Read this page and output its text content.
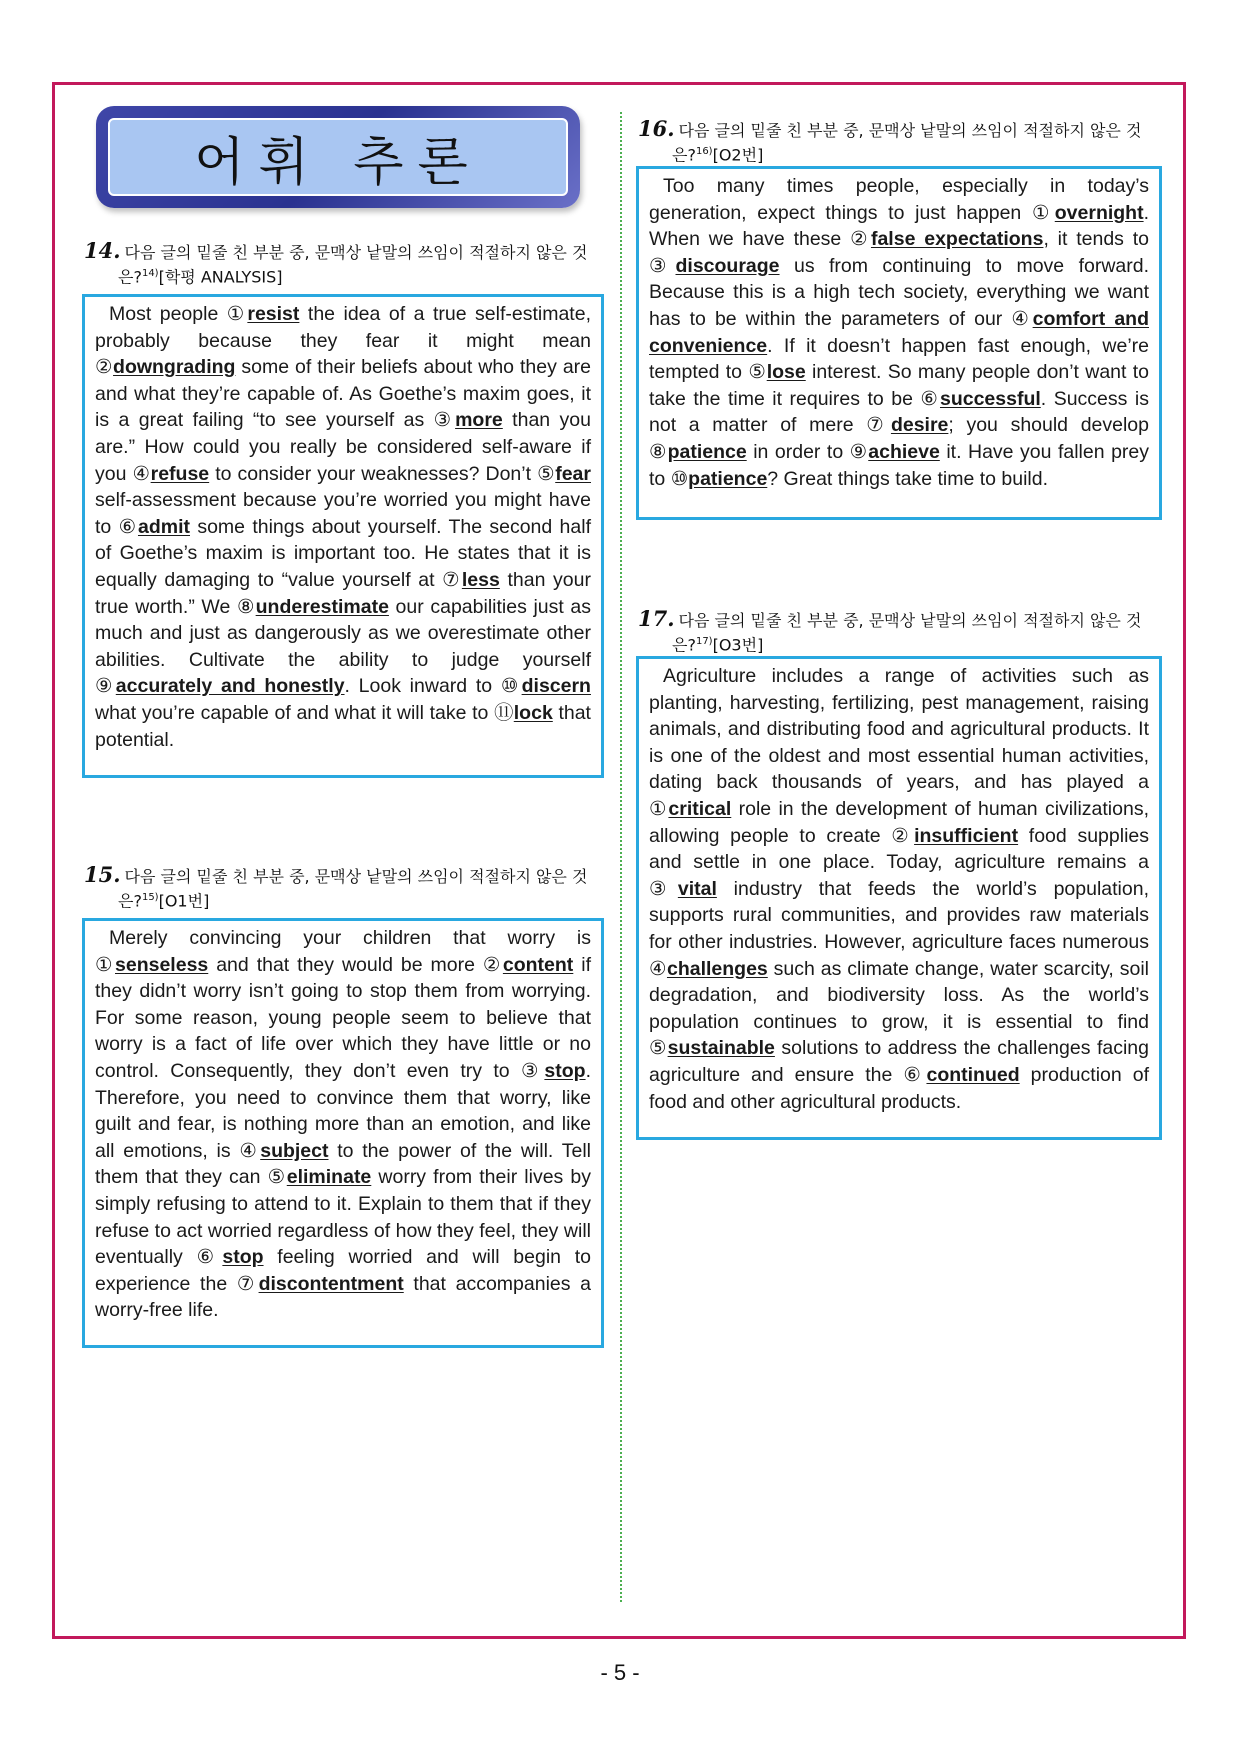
어휘 추론
14. 다음 글의 밑줄 친 부분 중, 문맥상 낱말의 쓰임이 적절하지 않은 것
은?$^{14)}$[학평 ANALYSIS]
Most people ①resist the idea of a true self-estimate, probably because they fear it might mean ②downgrading some of their beliefs about who they are and what they’re capable of. As Goethe’s maxim goes, it is a great failing “to see yourself as ③more than you are.” How could you really be considered self-aware if you ④refuse to consider your weaknesses? Don’t ⑤fear self-assessment because you’re worried you might have to ⑥admit some things about yourself. The second half of Goethe’s maxim is important too. He states that it is equally damaging to “value yourself at ⑦less than your true worth.” We ⑧underestimate our capabilities just as much and just as dangerously as we overestimate other abilities. Cultivate the ability to judge yourself ⑨accurately and honestly. Look inward to ⑩discern what you’re capable of and what it will take to ⑪lock that potential.
15. 다음 글의 밑줄 친 부분 중, 문맥상 낱말의 쓰임이 적절하지 않은 것
은?$^{15)}$[O1번]
Merely convincing your children that worry is ①senseless and that they would be more ②content if they didn’t worry isn’t going to stop them from worrying. For some reason, young people seem to believe that worry is a fact of life over which they have little or no control. Consequently, they don’t even try to ③stop. Therefore, you need to convince them that worry, like guilt and fear, is nothing more than an emotion, and like all emotions, is ④subject to the power of the will. Tell them that they can ⑤eliminate worry from their lives by simply refusing to attend to it. Explain to them that if they refuse to act worried regardless of how they feel, they will eventually ⑥stop feeling worried and will begin to experience the ⑦discontentment that accompanies a worry-free life.
16. 다음 글의 밑줄 친 부분 중, 문맥상 낱말의 쓰임이 적절하지 않은 것
은?$^{16)}$[O2번]
Too many times people, especially in today’s generation, expect things to just happen ①overnight. When we have these ②false expectations, it tends to ③discourage us from continuing to move forward. Because this is a high tech society, everything we want has to be within the parameters of our ④comfort and convenience. If it doesn’t happen fast enough, we’re tempted to ⑤lose interest. So many people don’t want to take the time it requires to be ⑥successful. Success is not a matter of mere ⑦desire; you should develop ⑧patience in order to ⑨achieve it. Have you fallen prey to ⑩patience? Great things take time to build.
17. 다음 글의 밑줄 친 부분 중, 문맥상 낱말의 쓰임이 적절하지 않은 것
은?$^{17)}$[O3번]
Agriculture includes a range of activities such as planting, harvesting, fertilizing, pest management, raising animals, and distributing food and agricultural products. It is one of the oldest and most essential human activities, dating back thousands of years, and has played a ①critical role in the development of human civilizations, allowing people to create ②insufficient food supplies and settle in one place. Today, agriculture remains a ③vital industry that feeds the world’s population, supports rural communities, and provides raw materials for other industries. However, agriculture faces numerous ④challenges such as climate change, water scarcity, soil degradation, and biodiversity loss. As the world’s population continues to grow, it is essential to find ⑤sustainable solutions to address the challenges facing agriculture and ensure the ⑥continued production of food and other agricultural products.
- 5 -
